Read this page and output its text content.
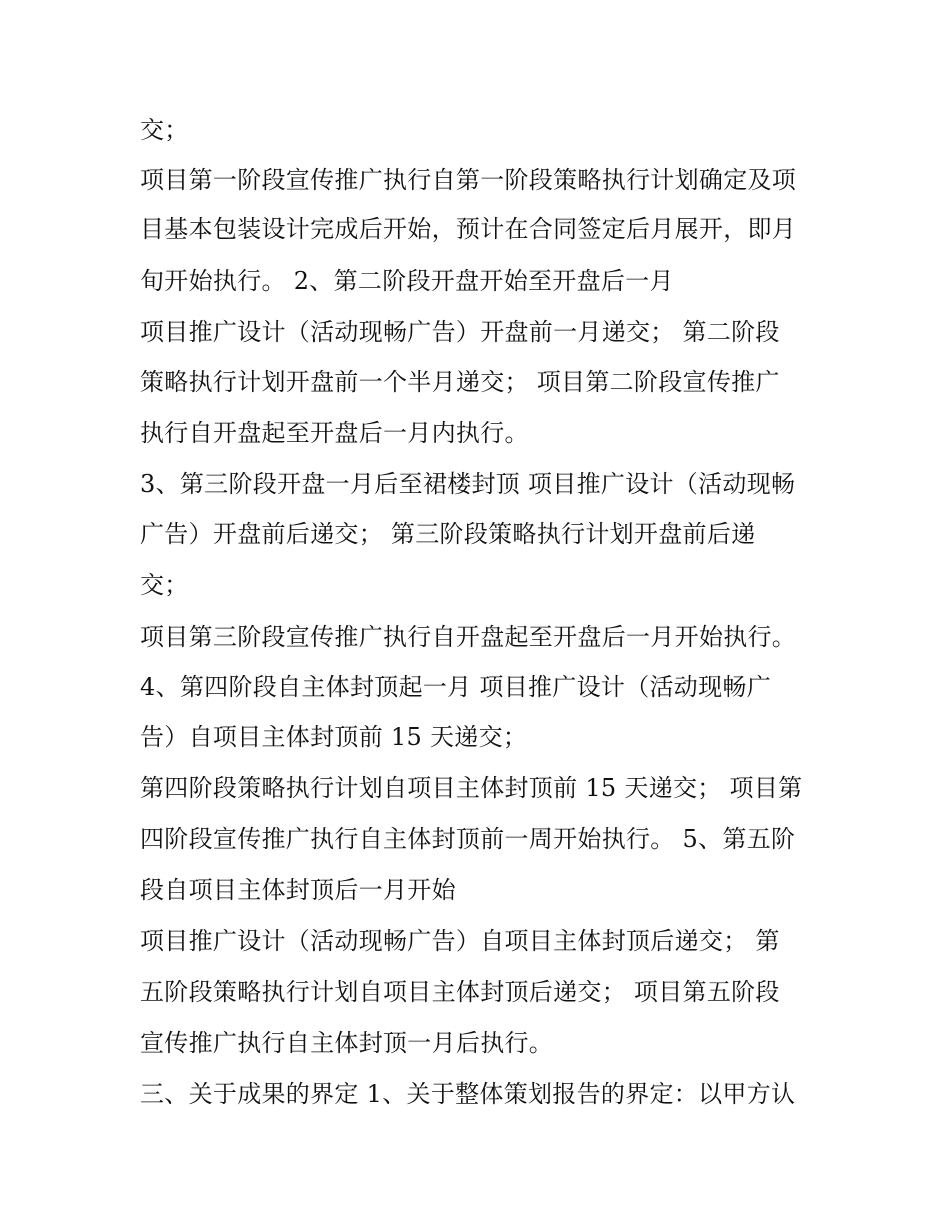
交；

项目第一阶段宣传推广执行自第一阶段策略执行计划确定及项

目基本包装设计完成后开始，预计在合同签定后月展开，即月

旬开始执行。 2、第二阶段开盘开始至开盘后一月

项目推广设计（活动现畅广告）开盘前一月递交； 第二阶段

策略执行计划开盘前一个半月递交； 项目第二阶段宣传推广

执行自开盘起至开盘后一月内执行。

3、第三阶段开盘一月后至裙楼封顶 项目推广设计（活动现畅

广告）开盘前后递交； 第三阶段策略执行计划开盘前后递

交；

项目第三阶段宣传推广执行自开盘起至开盘后一月开始执行。

4、第四阶段自主体封顶起一月 项目推广设计（活动现畅广

告）自项目主体封顶前 15 天递交；

第四阶段策略执行计划自项目主体封顶前 15 天递交； 项目第

四阶段宣传推广执行自主体封顶前一周开始执行。 5、第五阶

段自项目主体封顶后一月开始

项目推广设计（活动现畅广告）自项目主体封顶后递交； 第

五阶段策略执行计划自项目主体封顶后递交； 项目第五阶段

宣传推广执行自主体封顶一月后执行。

三、关于成果的界定 1、关于整体策划报告的界定：以甲方认
